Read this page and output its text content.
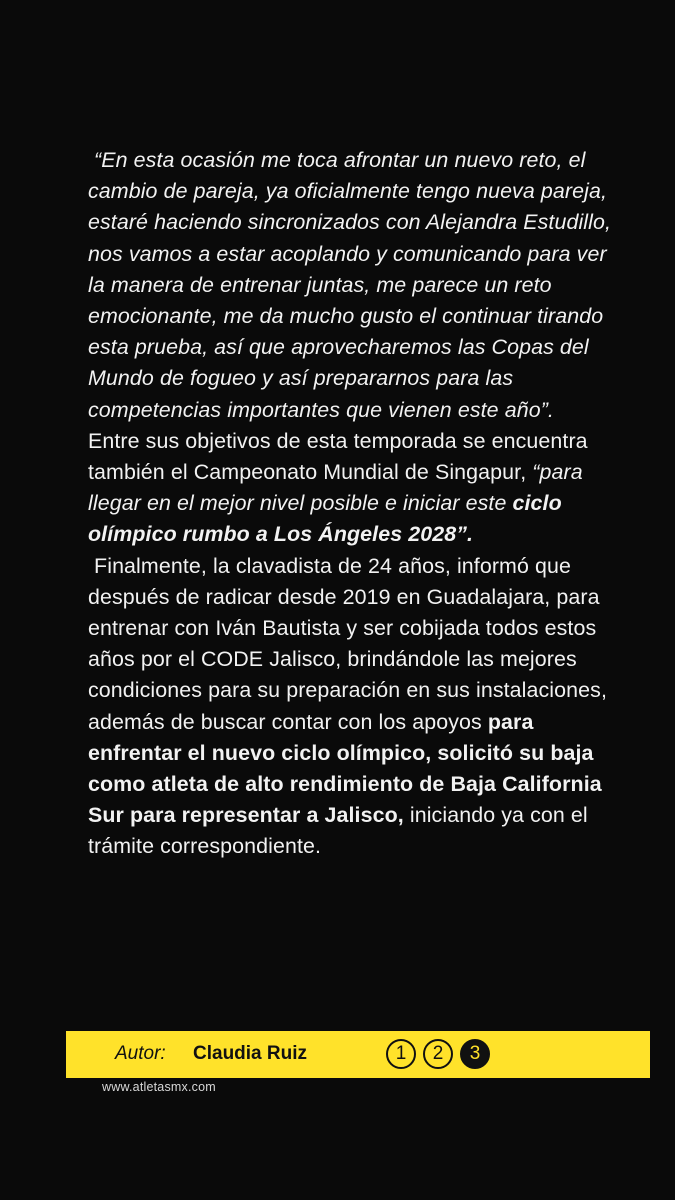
“En esta ocasión me toca afrontar un nuevo reto, el cambio de pareja, ya oficialmente tengo nueva pareja, estaré haciendo sincronizados con Alejandra Estudillo, nos vamos a estar acoplando y comunicando para ver la manera de entrenar juntas, me parece un reto emocionante, me da mucho gusto el continuar tirando esta prueba, así que aprovecharemos las Copas del Mundo de fogueo y así prepararnos para las competencias importantes que vienen este año”.

Entre sus objetivos de esta temporada se encuentra también el Campeonato Mundial de Singapur, “para llegar en el mejor nivel posible e iniciar este ciclo olímpico rumbo a Los Ángeles 2028”.

Finalmente, la clavadista de 24 años, informó que después de radicar desde 2019 en Guadalajara, para entrenar con Iván Bautista y ser cobijada todos estos años por el CODE Jalisco, brindándole las mejores condiciones para su preparación en sus instalaciones, además de buscar contar con los apoyos para enfrentar el nuevo ciclo olímpico, solicitó su baja como atleta de alto rendimiento de Baja California Sur para representar a Jalisco, iniciando ya con el trámite correspondiente.

Autor: Claudia Ruiz	1	2	3
www.atletasmx.com
